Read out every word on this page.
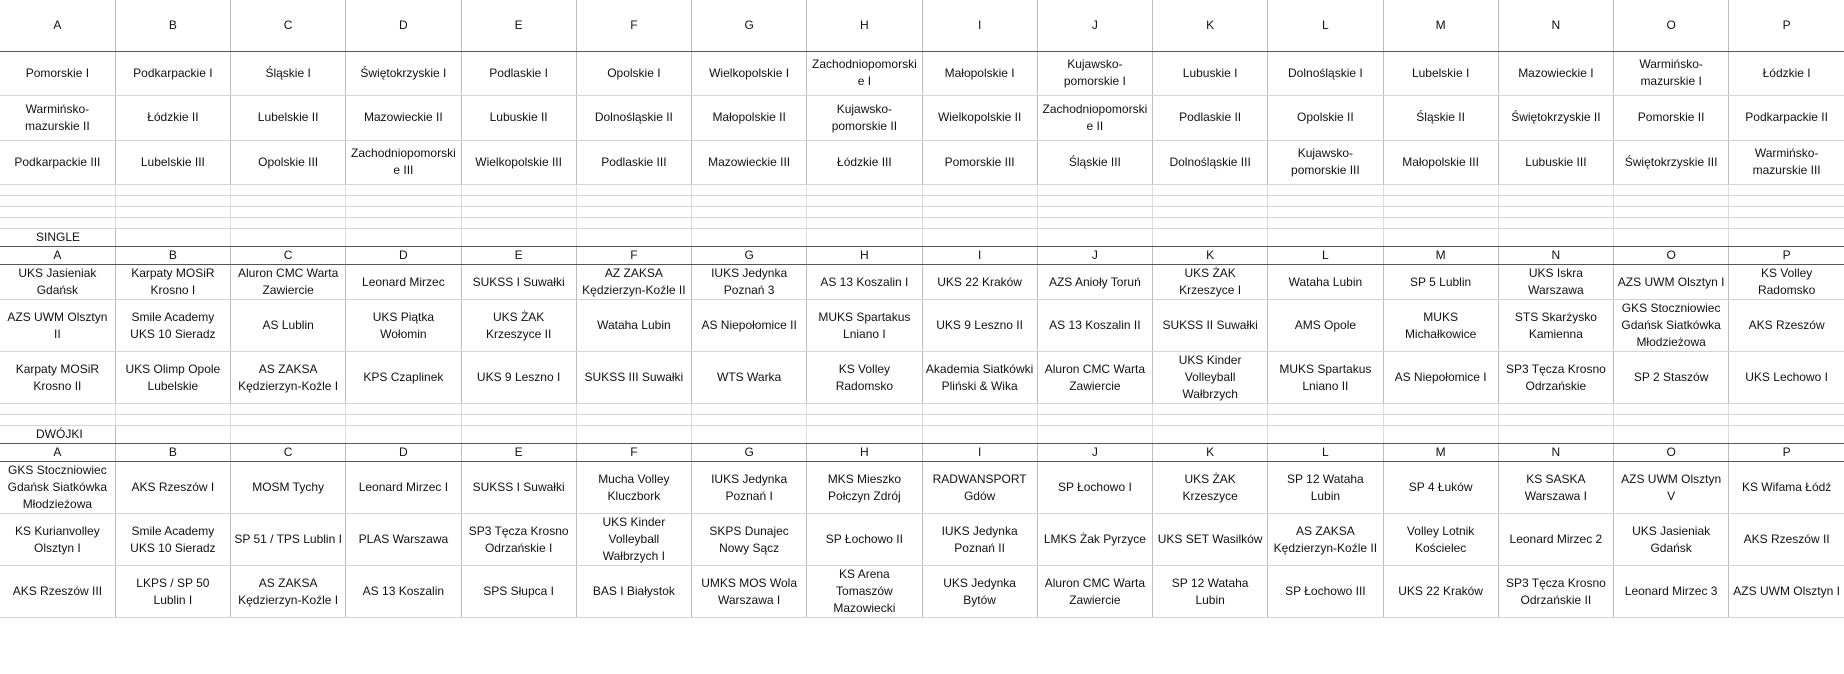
A	B	C	D	E	F	G	H	I	J	K	L	M	N	O	P
Pomorskie I	Podkarpackie I	Śląskie I	Świętokrzyskie I	Podlaskie I	Opolskie I	Wielkopolskie I	Zachodniopomorskie I	Małopolskie I	Kujawsko-pomorskie I	Lubuskie I	Dolnośląskie I	Lubelskie I	Mazowieckie I	Warmińsko-mazurskie I	Łódzkie I
Warmińsko-mazurskie II	Łódzkie II	Lubelskie II	Mazowieckie II	Lubuskie II	Dolnośląskie II	Małopolskie II	Kujawsko-pomorskie II	Wielkopolskie II	Zachodniopomorskie II	Podlaskie II	Opolskie II	Śląskie II	Świętokrzyskie II	Pomorskie II	Podkarpackie II
Podkarpackie III	Lubelskie III	Opolskie III	Zachodniopomorskie III	Wielkopolskie III	Podlaskie III	Mazowieckie III	Łódzkie III	Pomorskie III	Śląskie III	Dolnośląskie III	Kujawsko-pomorskie III	Małopolskie III	Lubuskie III	Świętokrzyskie III	Warmińsko-mazurskie III

SINGLE															
A	B	C	D	E	F	G	H	I	J	K	L	M	N	O	P
UKS Jasieniak Gdańsk	Karpaty MOSiR Krosno I	Aluron CMC Warta Zawiercie	Leonard Mirzec	SUKSS I Suwałki	AZ ZAKSA Kędzierzyn-Koźle II	IUKS Jedynka Poznań 3	AS 13 Koszalin I	UKS 22 Kraków	AZS Anioły Toruń	UKS ŻAK Krzeszyce I	Wataha Lubin	SP 5 Lublin	UKS Iskra Warszawa	AZS UWM Olsztyn I	KS Volley Radomsko
AZS UWM Olsztyn II	Smile Academy UKS 10 Sieradz	AS Lublin	UKS Piątka Wołomin	UKS ŻAK Krzeszyce II	Wataha Lubin	AS Niepołomice II	MUKS Spartakus Lniano I	UKS 9 Leszno II	AS 13 Koszalin II	SUKSS II Suwałki	AMS Opole	MUKS Michałkowice	STS Skarżysko Kamienna	GKS Stoczniowiec Gdańsk Siatkówka Młodzieżowa	AKS Rzeszów
Karpaty MOSiR Krosno II	UKS Olimp Opole Lubelskie	AS ZAKSA Kędzierzyn-Koźle I	KPS Czaplinek	UKS 9 Leszno I	SUKSS III Suwałki	WTS Warka	KS Volley Radomsko	Akademia Siatkówki Pliński & Wika	Aluron CMC Warta Zawiercie	UKS Kinder Volleyball Wałbrzych	MUKS Spartakus Lniano II	AS Niepołomice I	SP3 Tęcza Krosno Odrzańskie	SP 2 Staszów	UKS Lechowo I

DWÓJKI															
A	B	C	D	E	F	G	H	I	J	K	L	M	N	O	P
GKS Stoczniowiec Gdańsk Siatkówka Młodzieżowa	AKS Rzeszów I	MOSM Tychy	Leonard Mirzec I	SUKSS I Suwałki	Mucha Volley Kluczbork	IUKS Jedynka Poznań I	MKS Mieszko Połczyn Zdrój	RADWANSPORT Gdów	SP Łochowo I	UKS ŻAK Krzeszyce	SP 12 Wataha Lubin	SP 4 Łuków	KS SASKA Warszawa I	AZS UWM Olsztyn V	KS Wifama Łódź
KS Kurianvolley Olsztyn I	Smile Academy UKS 10 Sieradz	SP 51 / TPS Lublin I	PLAS Warszawa	SP3 Tęcza Krosno Odrzańskie I	UKS Kinder Volleyball Wałbrzych I	SKPS Dunajec Nowy Sącz	SP Łochowo II	IUKS Jedynka Poznań II	LMKS Żak Pyrzyce	UKS SET Wasilków	AS ZAKSA Kędzierzyn-Koźle II	Volley Lotnik Kościelec	Leonard Mirzec 2	UKS Jasieniak Gdańsk	AKS Rzeszów II
AKS Rzeszów III	LKPS / SP 50 Lublin I	AS ZAKSA Kędzierzyn-Koźle I	AS 13 Koszalin	SPS Słupca I	BAS I Białystok	UMKS MOS Wola Warszawa I	KS Arena Tomaszów Mazowiecki	UKS Jedynka Bytów	Aluron CMC Warta Zawiercie	SP 12 Wataha Lubin	SP Łochowo III	UKS 22 Kraków	SP3 Tęcza Krosno Odrzańskie II	Leonard Mirzec 3	AZS UWM Olsztyn I
